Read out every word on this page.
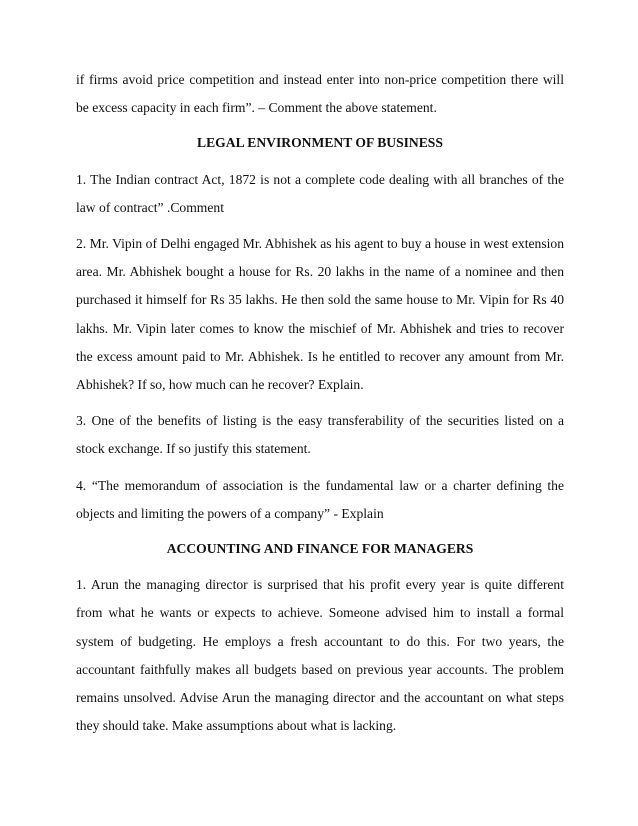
if firms avoid price competition and instead enter into non-price competition there will be excess capacity in each firm”. – Comment the above statement.

LEGAL ENVIRONMENT OF BUSINESS

1. The Indian contract Act, 1872 is not a complete code dealing with all branches of the law of contract” .Comment

2. Mr. Vipin of Delhi engaged Mr. Abhishek as his agent to buy a house in west extension area. Mr. Abhishek bought a house for Rs. 20 lakhs in the name of a nominee and then purchased it himself for Rs 35 lakhs. He then sold the same house to Mr. Vipin for Rs 40 lakhs. Mr. Vipin later comes to know the mischief of Mr. Abhishek and tries to recover the excess amount paid to Mr. Abhishek. Is he entitled to recover any amount from Mr. Abhishek? If so, how much can he recover? Explain.

3. One of the benefits of listing is the easy transferability of the securities listed on a stock exchange. If so justify this statement.

4. “The memorandum of association is the fundamental law or a charter defining the objects and limiting the powers of a company” - Explain

ACCOUNTING AND FINANCE FOR MANAGERS

1. Arun the managing director is surprised that his profit every year is quite different from what he wants or expects to achieve. Someone advised him to install a formal system of budgeting. He employs a fresh accountant to do this. For two years, the accountant faithfully makes all budgets based on previous year accounts. The problem remains unsolved. Advise Arun the managing director and the accountant on what steps they should take. Make assumptions about what is lacking.
